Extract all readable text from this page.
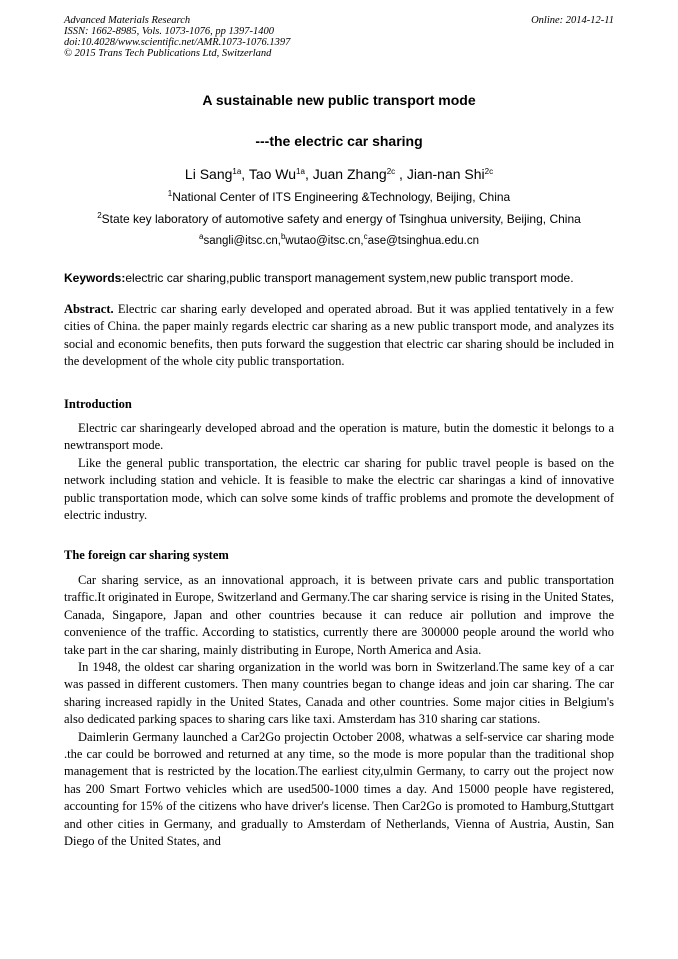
Advanced Materials Research
ISSN: 1662-8985, Vols. 1073-1076, pp 1397-1400
doi:10.4028/www.scientific.net/AMR.1073-1076.1397
© 2015 Trans Tech Publications Ltd, Switzerland
Online: 2014-12-11
A sustainable new public transport mode
---the electric car sharing
Li Sang$^{1a}$, Tao $Wu^{1a}$, Juan Zhang$^{2c}$ , Jian-nan Shi$^{2c}$
$^1$National Center of ITS Engineering &Technology, Beijing, China
$^2$State key laboratory of automotive safety and energy of Tsinghua university, Beijing, China
$^a$sangli@itsc.cn,$^b$wutao@itsc.cn,$^c$ase@tsinghua.edu.cn
Keywords:electric car sharing,public transport management system,new public transport mode.

Abstract. Electric car sharing early developed and operated abroad. But it was applied tentatively in a few cities of China. the paper mainly regards electric car sharing as a new public transport mode, and analyzes its social and economic benefits, then puts forward the suggestion that electric car sharing should be included in the development of the whole city public transportation.

Introduction

Electric car sharingearly developed abroad and the operation is mature, butin the domestic it belongs to a newtransport mode.

Like the general public transportation, the electric car sharing for public travel people is based on the network including station and vehicle. It is feasible to make the electric car sharingas a kind of innovative public transportation mode, which can solve some kinds of traffic problems and promote the development of electric industry.

The foreign car sharing system

Car sharing service, as an innovational approach, it is between private cars and public transportation traffic.It originated in Europe, Switzerland and Germany.The car sharing service is rising in the United States, Canada, Singapore, Japan and other countries because it can reduce air pollution and improve the convenience of the traffic. According to statistics, currently there are 300000 people around the world who take part in the car sharing, mainly distributing in Europe, North America and Asia.

In 1948, the oldest car sharing organization in the world was born in Switzerland.The same key of a car was passed in different customers. Then many countries began to change ideas and join car sharing. The car sharing increased rapidly in the United States, Canada and other countries. Some major cities in Belgium's also dedicated parking spaces to sharing cars like taxi. Amsterdam has 310 sharing car stations.

Daimlerin Germany launched a Car2Go projectin October 2008, whatwas a self-service car sharing mode .the car could be borrowed and returned at any time, so the mode is more popular than the traditional shop management that is restricted by the location.The earliest city,ulmin Germany, to carry out the project now has 200 Smart Fortwo vehicles which are used500-1000 times a day. And 15000 people have registered, accounting for 15% of the citizens who have driver's license. Then Car2Go is promoted to Hamburg,Stuttgart and other cities in Germany, and gradually to Amsterdam of Netherlands, Vienna of Austria, Austin, San Diego of the United States, and
